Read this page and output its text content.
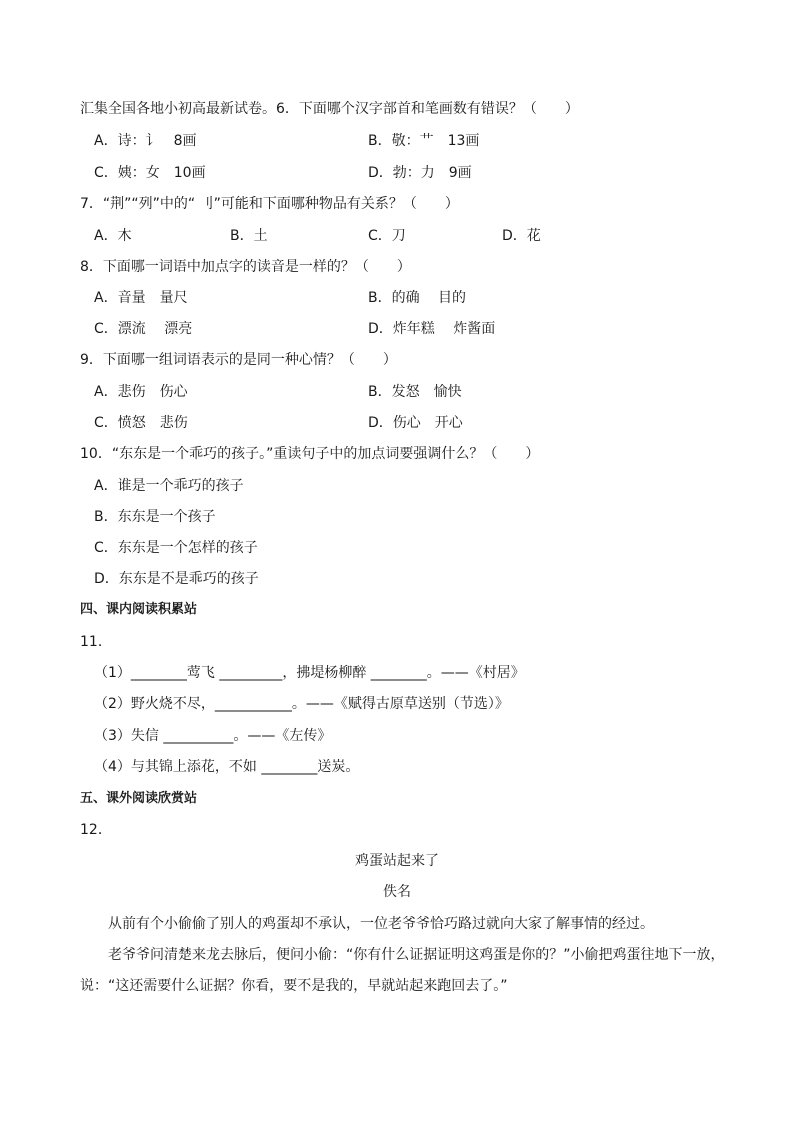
汇集全国各地小初高最新试卷。6．下面哪个汉字部首和笔画数有错误？（　　）
A．诗：讠　8画	B．敬：艹　13画
C．姨：女　10画	D．勃：力　9画
7．“荆”“列”中的“ 刂”可能和下面哪种物品有关系？（　　）
A．木	B．土	C．刀	D．花
8．下面哪一词语中加点字的读音是一样的？（　　）
A．音量　量尺	B．的确　 目的
C．漂流　 漂亮	D．炸年糕　 炸酱面
9．下面哪一组词语表示的是同一种心情？（　　）
A．悲伤　伤心	B．发怒　愉快
C．愤怒　悲伤	D．伤心　开心
10．“东东是一个乖巧的孩子。”重读句子中的加点词要强调什么？（　　）
A．谁是一个乖巧的孩子
B．东东是一个孩子
C．东东是一个怎样的孩子
D．东东是不是乖巧的孩子
四、课内阅读积累站
11．
（1）________莺飞 _________，拂堤杨柳醉 ________。——《村居》
（2）野火烧不尽，___________。——《赋得古原草送别（节选）》
（3）失信 __________。——《左传》
（4）与其锦上添花，不如 ________送炭。
五、课外阅读欣赏站
12．
鸡蛋站起来了
佚名
从前有个小偷偷了别人的鸡蛋却不承认，一位老爷爷恰巧路过就向大家了解事情的经过。
老爷爷问清楚来龙去脉后，便问小偷：“你有什么证据证明这鸡蛋是你的？”小偷把鸡蛋往地下一放，
说：“这还需要什么证据？你看，要不是我的，早就站起来跑回去了。”
